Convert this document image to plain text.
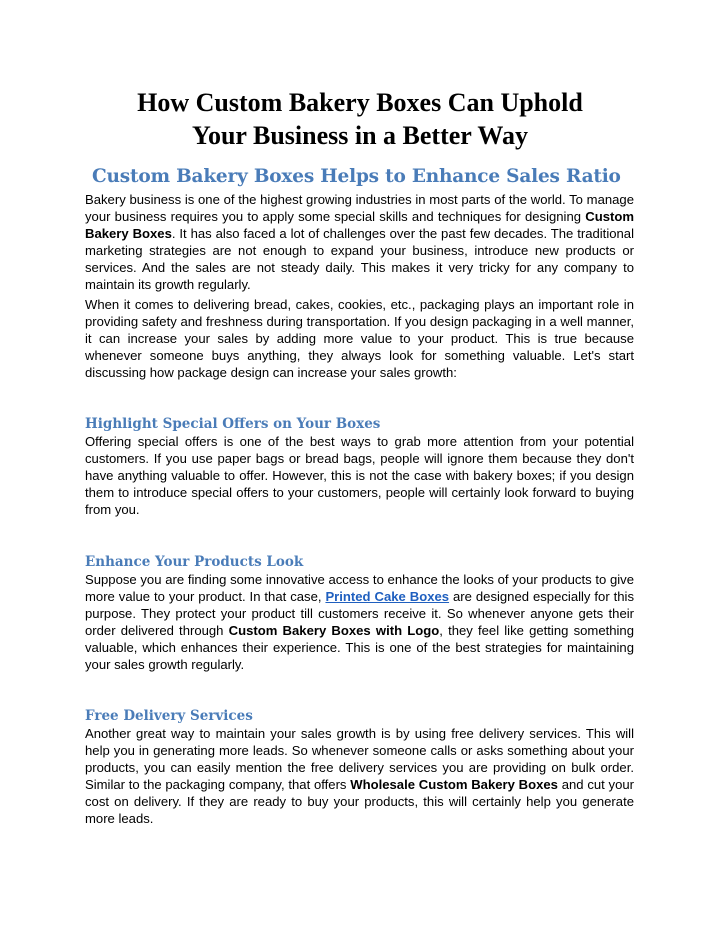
How Custom Bakery Boxes Can Uphold
Your Business in a Better Way
Custom Bakery Boxes Helps to Enhance Sales Ratio

Bakery business is one of the highest growing industries in most parts of the world. To manage your business requires you to apply some special skills and techniques for designing Custom Bakery Boxes. It has also faced a lot of challenges over the past few decades. The traditional marketing strategies are not enough to expand your business, introduce new products or services. And the sales are not steady daily. This makes it very tricky for any company to maintain its growth regularly.

When it comes to delivering bread, cakes, cookies, etc., packaging plays an important role in providing safety and freshness during transportation. If you design packaging in a well manner, it can increase your sales by adding more value to your product. This is true because whenever someone buys anything, they always look for something valuable. Let's start discussing how package design can increase your sales growth:

Highlight Special Offers on Your Boxes

Offering special offers is one of the best ways to grab more attention from your potential customers. If you use paper bags or bread bags, people will ignore them because they don't have anything valuable to offer. However, this is not the case with bakery boxes; if you design them to introduce special offers to your customers, people will certainly look forward to buying from you.

Enhance Your Products Look

Suppose you are finding some innovative access to enhance the looks of your products to give more value to your product. In that case, Printed Cake Boxes are designed especially for this purpose. They protect your product till customers receive it. So whenever anyone gets their order delivered through Custom Bakery Boxes with Logo, they feel like getting something valuable, which enhances their experience. This is one of the best strategies for maintaining your sales growth regularly.

Free Delivery Services

Another great way to maintain your sales growth is by using free delivery services. This will help you in generating more leads. So whenever someone calls or asks something about your products, you can easily mention the free delivery services you are providing on bulk order. Similar to the packaging company, that offers Wholesale Custom Bakery Boxes and cut your cost on delivery. If they are ready to buy your products, this will certainly help you generate more leads.
